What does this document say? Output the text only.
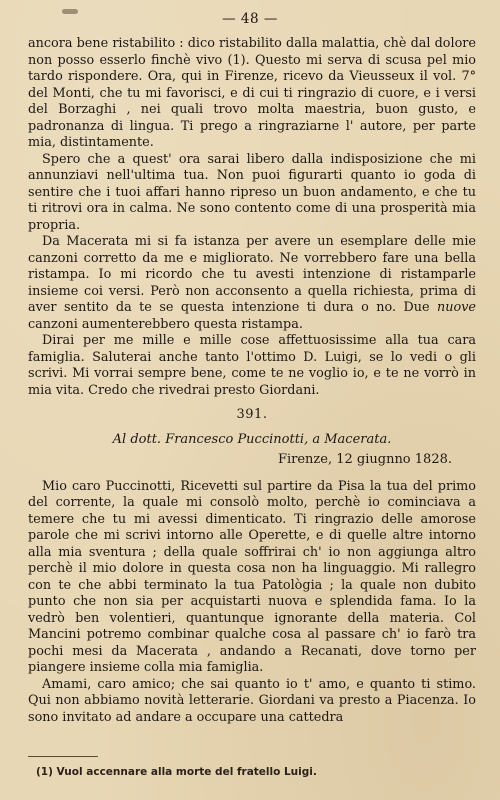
— 48 —

ancora bene ristabilito : dico ristabilito dalla malattia, chè dal dolore non posso esserlo finchè vivo (1). Questo mi serva di scusa pel mio tardo rispondere. Ora, qui in Firenze, ricevo da Vieusseux il vol. 7° del Monti, che tu mi favorisci, e di cui ti ringrazio di cuore, e i versi del Borzaghi , nei quali trovo molta maestria, buon gusto, e padronanza di lingua. Ti prego a ringraziarne l' autore, per parte mia, distintamente.

Spero che a quest' ora sarai libero dalla indisposizione che mi annunziavi nell'ultima tua. Non puoi figurarti quanto io goda di sentire che i tuoi affari hanno ripreso un buon andamento, e che tu ti ritrovi ora in calma. Ne sono contento come di una prosperità mia propria.

Da Macerata mi si fa istanza per avere un esemplare delle mie canzoni corretto da me e migliorato. Ne vorrebbero fare una bella ristampa. Io mi ricordo che tu avesti intenzione di ristamparle insieme coi versi. Però non acconsento a quella richiesta, prima di aver sentito da te se questa intenzione ti dura o no. Due nuove canzoni aumenterebbero questa ristampa.

Dirai per me mille e mille cose affettuosissime alla tua cara famiglia. Saluterai anche tanto l'ottimo D. Luigi, se lo vedi o gli scrivi. Mi vorrai sempre bene, come te ne voglio io, e te ne vorrò in mia vita. Credo che rivedrai presto Giordani.

391.
Al dott. Francesco Puccinotti, a Macerata.
Firenze, 12 giugnno 1828.

Mio caro Puccinotti, Ricevetti sul partire da Pisa la tua del primo del corrente, la quale mi consolò molto, perchè io cominciava a temere che tu mi avessi dimenticato. Ti ringrazio delle amorose parole che mi scrivi intorno alle Operette, e di quelle altre intorno alla mia sventura ; della quale soffrirai ch' io non aggiunga altro perchè il mio dolore in questa cosa non ha linguaggio. Mi rallegro con te che abbi terminato la tua Patològia ; la quale non dubito punto che non sia per acquistarti nuova e splendida fama. Io la vedrò ben volentieri, quantunque ignorante della materia. Col Mancini potremo combinar qualche cosa al passare ch' io farò tra pochi mesi da Macerata , andando a Recanati, dove torno per piangere insieme colla mia famiglia.

Amami, caro amico; che sai quanto io t' amo, e quanto ti stimo. Qui non abbiamo novità letterarie. Giordani va presto a Piacenza. Io sono invitato ad andare a occupare una cattedra

(1) Vuol accennare alla morte del fratello Luigi.
